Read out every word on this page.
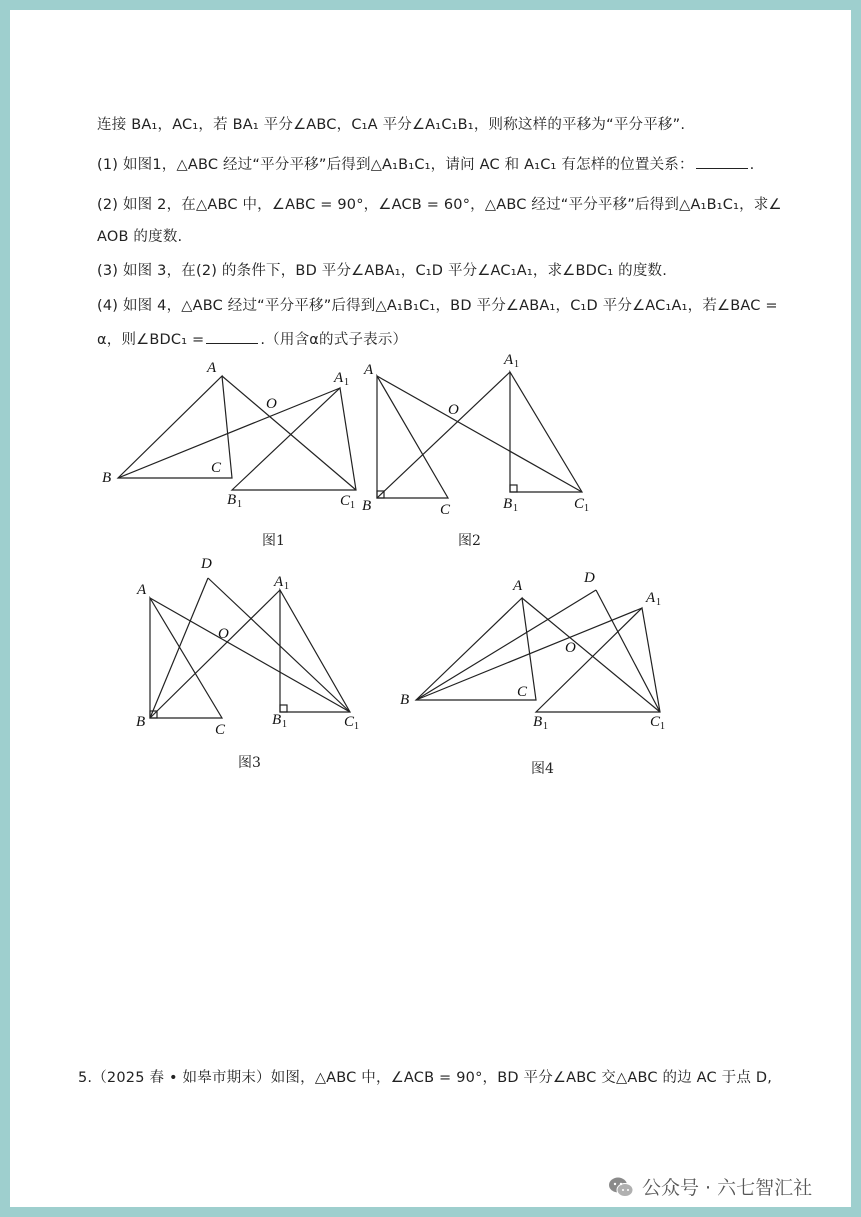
连接 BA₁，AC₁，若 BA₁ 平分∠ABC，C₁A 平分∠A₁C₁B₁，则称这样的平移为“平分平移”.
(1) 如图1，△ABC 经过“平分平移”后得到△A₁B₁C₁，请问 AC 和 A₁C₁ 有怎样的位置关系：	.
(2) 如图 2，在△ABC 中，∠ABC = 90°，∠ACB = 60°，△ABC 经过“平分平移”后得到△A₁B₁C₁，求∠
AOB 的度数.
(3) 如图 3，在(2) 的条件下，BD 平分∠ABA₁，C₁D 平分∠AC₁A₁，求∠BDC₁ 的度数.
(4) 如图 4，△ABC 经过“平分平移”后得到△A₁B₁C₁，BD 平分∠ABA₁，C₁D 平分∠AC₁A₁，若∠BAC =
α，则∠BDC₁ =	.（用含α的式子表示）
A
B
C
O
A 1
B 1	C 1
A
B	C
O
A 1
B 1	C 1
图1	图2
A
B	C
D
O
A 1
B 1	C 1
A
B	C
D
O
A 1
B 1	C 1
图3	图4
5.（2025 春 • 如皋市期末）如图，△ABC 中，∠ACB = 90°，BD 平分∠ABC 交△ABC 的边 AC 于点 D,
公众号 · 六七智汇社
